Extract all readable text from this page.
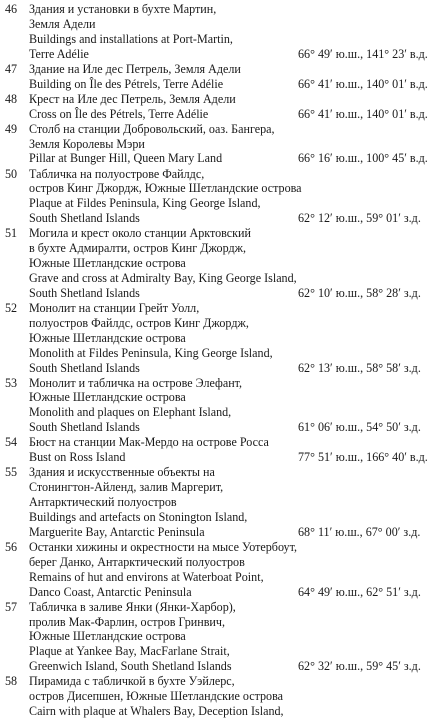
46 Здания и установки в бухте Мартин,
Земля Адели
Buildings and installations at Port-Martin,
Terre Adélie	66° 49′ ю.ш., 141° 23′ в.д.
47 Здание на Иле дес Петрель, Земля Адели
Building on Île des Pétrels, Terre Adélie	66° 41′ ю.ш., 140° 01′ в.д.
48 Крест на Иле дес Петрель, Земля Адели
Cross on Île des Pétrels, Terre Adélie	66° 41′ ю.ш., 140° 01′ в.д.
49 Столб на станции Добровольский, оаз. Бангера,
Земля Королевы Мэри
Pillar at Bunger Hill, Queen Mary Land	66° 16′ ю.ш., 100° 45′ в.д.
50 Табличка на полуострове Файлдс,
остров Кинг Джордж, Южные Шетландские острова
Plaque at Fildes Peninsula, King George Island,
South Shetland Islands	62° 12′ ю.ш., 59° 01′ з.д.
51 Могила и крест около станции Арктовский
в бухте Адмиралти, остров Кинг Джордж,
Южные Шетландские острова
Grave and cross at Admiralty Bay, King George Island,
South Shetland Islands	62° 10′ ю.ш., 58° 28′ з.д.
52 Монолит на станции Грейт Уолл,
полуостров Файлдс, остров Кинг Джордж,
Южные Шетландские острова
Monolith at Fildes Peninsula, King George Island,
South Shetland Islands	62° 13′ ю.ш., 58° 58′ з.д.
53 Монолит и табличка на острове Элефант,
Южные Шетландские острова
Monolith and plaques on Elephant Island,
South Shetland Islands	61° 06′ ю.ш., 54° 50′ з.д.
54 Бюст на станции Мак-Мердо на острове Росса
Bust on Ross Island	77° 51′ ю.ш., 166° 40′ в.д.
55 Здания и искусственные объекты на
Стонингтон-Айленд, залив Маргерит,
Антарктический полуостров
Buildings and artefacts on Stonington Island,
Marguerite Bay, Antarctic Peninsula	68° 11′ ю.ш., 67° 00′ з.д.
56 Останки хижины и окрестности на мысе Уотербоут,
берег Данко, Антарктический полуостров
Remains of hut and environs at Waterboat Point,
Danco Coast, Antarctic Peninsula	64° 49′ ю.ш., 62° 51′ з.д.
57 Табличка в заливе Янки (Янки-Харбор),
пролив Мак-Фарлин, остров Гринвич,
Южные Шетландские острова
Plaque at Yankee Bay, MacFarlane Strait,
Greenwich Island, South Shetland Islands	62° 32′ ю.ш., 59° 45′ з.д.
58 Пирамида с табличкой в бухте Уэйлерс,
остров Дисепшен, Южные Шетландские острова
Cairn with plaque at Whalers Bay, Deception Island,
